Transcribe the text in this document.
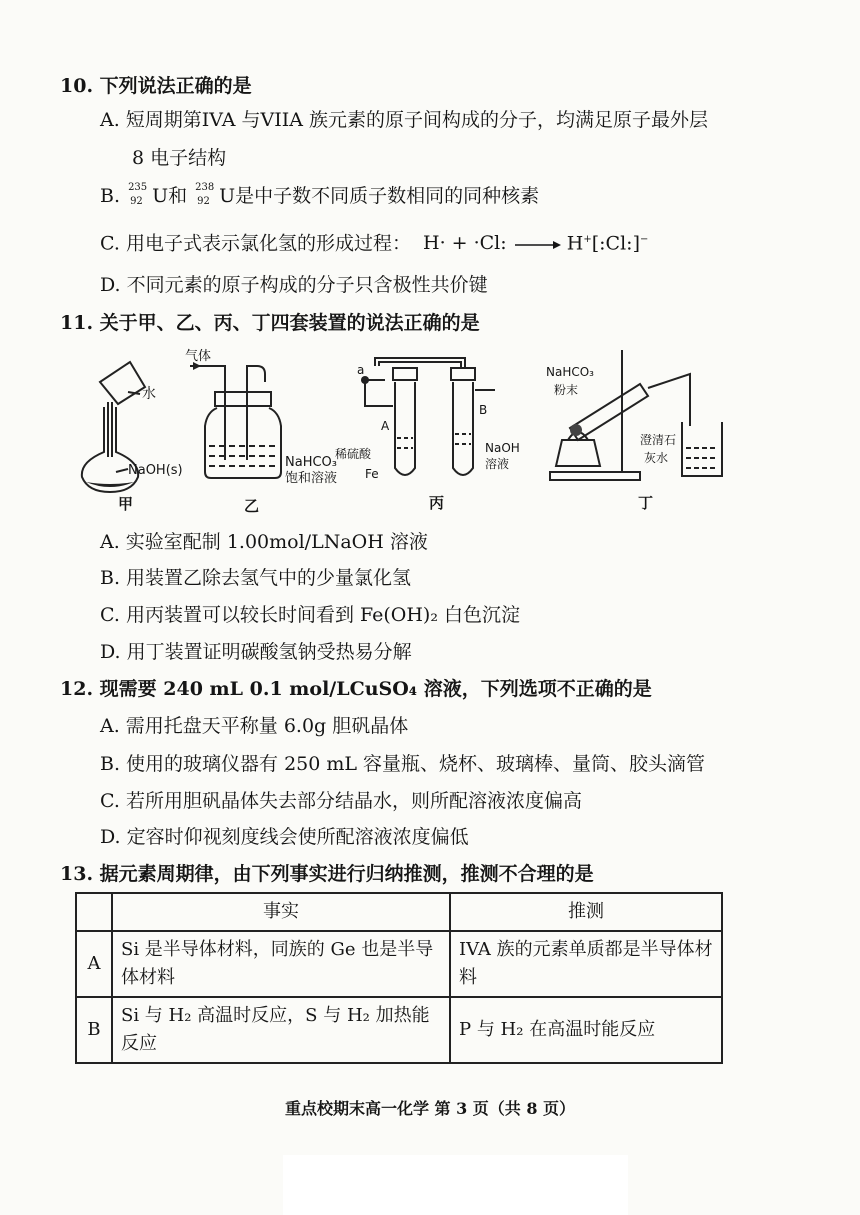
10. 下列说法正确的是
A. 短周期第IVA 与VIIA 族元素的原子间构成的分子，均满足原子最外层
8 电子结构
B. 235
92 U和 238
92 U是中子数不同质子数相同的同种核素
C. 用电子式表示氯化氢的形成过程： H· + ·Cl: → H+[:Cl:]−
D. 不同元素的原子构成的分子只含极性共价键
11. 关于甲、乙、丙、丁四套装置的说法正确的是
水
NaOH(s)
甲
气体
NaHCO₃
饱和溶液
乙
a
A
B
稀硫酸
Fe
NaOH
溶液
丙
NaHCO₃
粉末
澄清石
灰水
丁
A. 实验室配制 1.00mol/LNaOH 溶液
B. 用装置乙除去氢气中的少量氯化氢
C. 用丙装置可以较长时间看到 Fe(OH)₂ 白色沉淀
D. 用丁装置证明碳酸氢钠受热易分解
12. 现需要 240 mL 0.1 mol/LCuSO₄ 溶液，下列选项不正确的是
A. 需用托盘天平称量 6.0g 胆矾晶体
B. 使用的玻璃仪器有 250 mL 容量瓶、烧杯、玻璃棒、量筒、胶头滴管
C. 若所用胆矾晶体失去部分结晶水，则所配溶液浓度偏高
D. 定容时仰视刻度线会使所配溶液浓度偏低
13. 据元素周期律，由下列事实进行归纳推测，推测不合理的是
	事实	推测
A	Si 是半导体材料，同族的 Ge 也是半导体材料	IVA 族的元素单质都是半导体材料
B	Si 与 H₂ 高温时反应，S 与 H₂ 加热能反应	P 与 H₂ 在高温时能反应
重点校期末高一化学 第 3 页（共 8 页）
